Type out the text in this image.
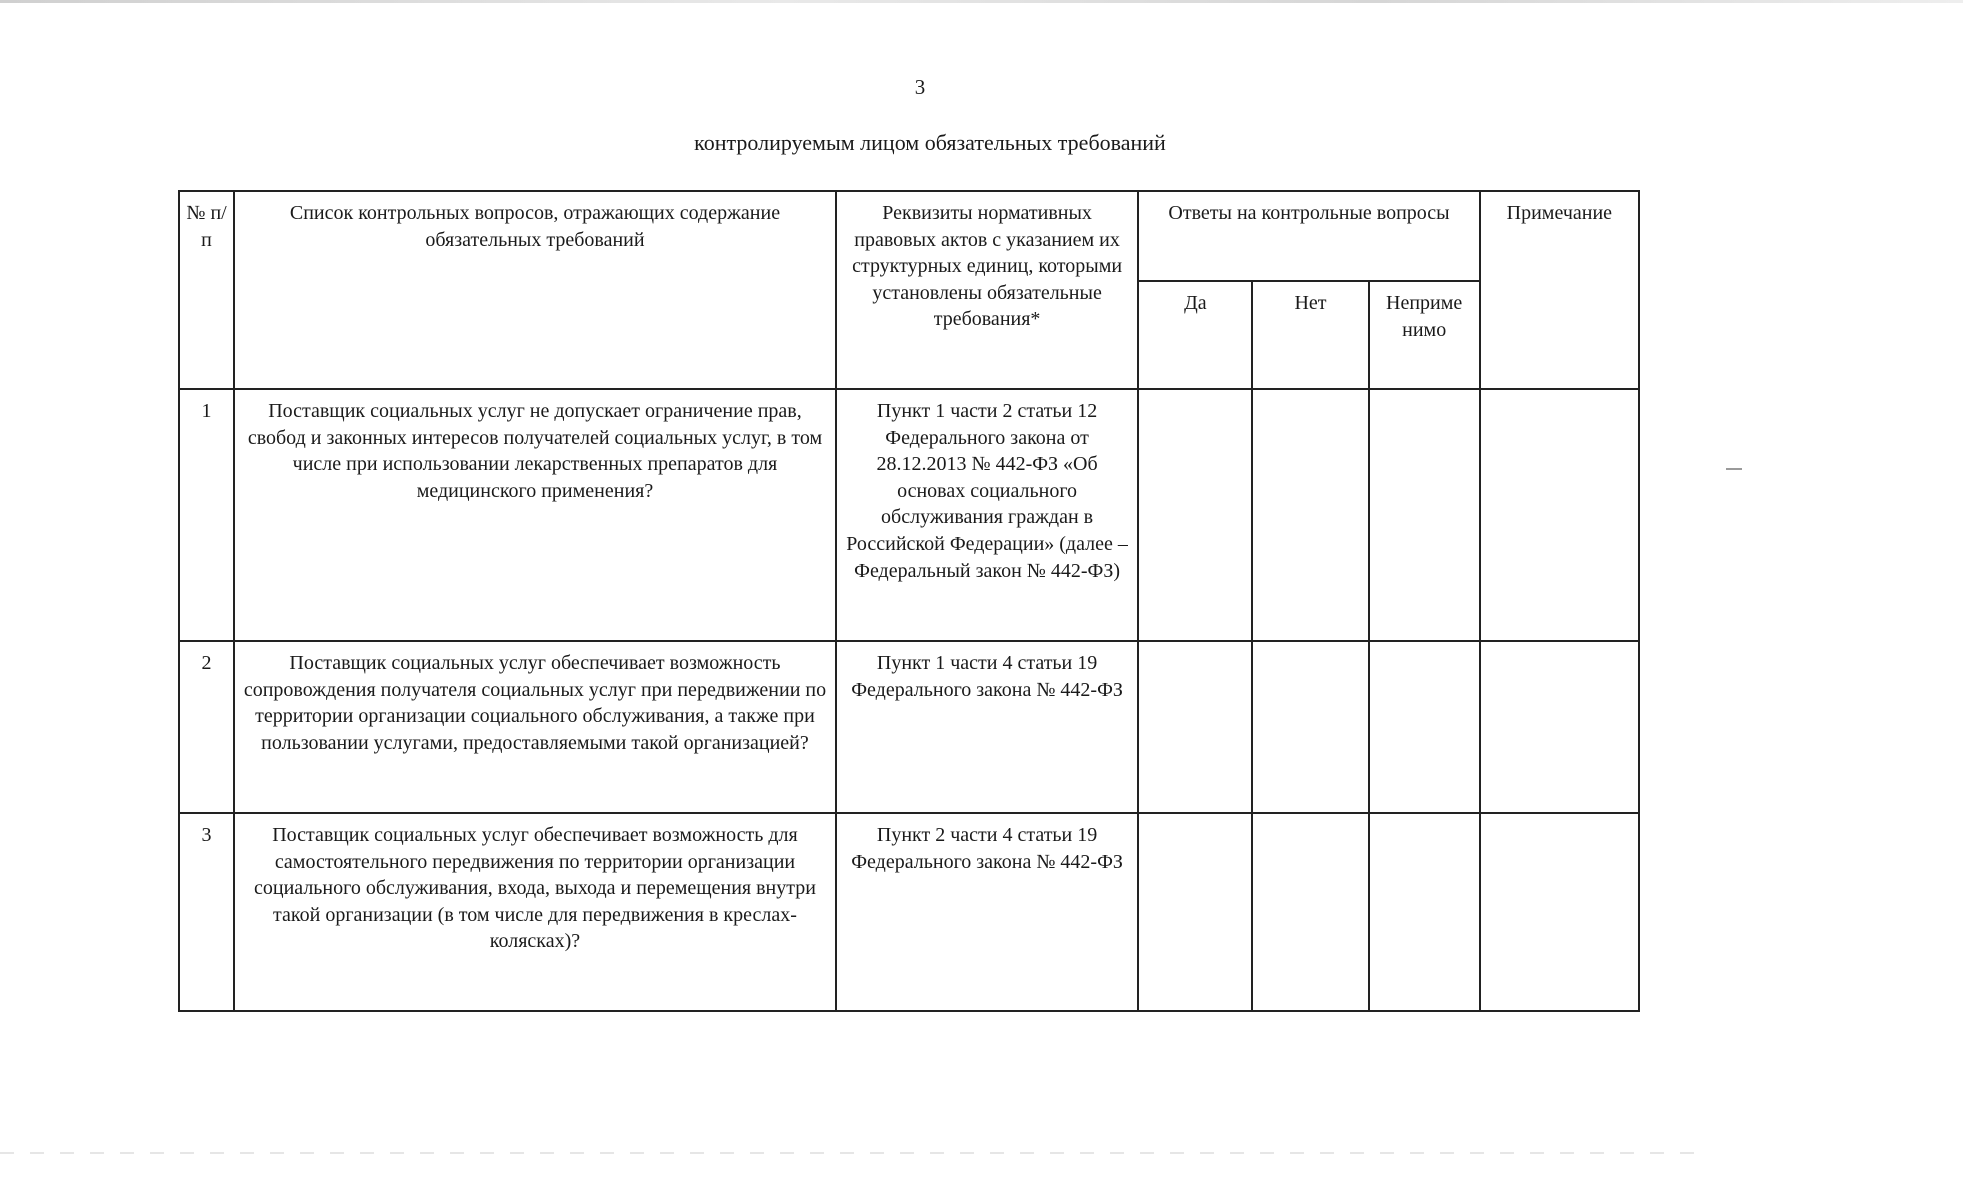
3
контролируемым лицом обязательных требований
№ п/п	Список контрольных вопросов, отражающих содержание обязательных требований	Реквизиты нормативных правовых актов с указанием их структурных единиц, которыми установлены обязательные требования*	Ответы на контрольные вопросы			Примечание
			Да	Нет	Неприме нимо	
1	Поставщик социальных услуг не допускает ограничение прав, свобод и законных интересов получателей социальных услуг, в том числе при использовании лекарственных препаратов для медицинского применения?	Пункт 1 части 2 статьи 12 Федерального закона от 28.12.2013 № 442-ФЗ «Об основах социального обслуживания граждан в Российской Федерации» (далее – Федеральный закон № 442-ФЗ)				
2	Поставщик социальных услуг обеспечивает возможность сопровождения получателя социальных услуг при передвижении по территории организации социального обслуживания, а также при пользовании услугами, предоставляемыми такой организацией?	Пункт 1 части 4 статьи 19 Федерального закона № 442-ФЗ				
3	Поставщик социальных услуг обеспечивает возможность для самостоятельного передвижения по территории организации социального обслуживания, входа, выхода и перемещения внутри такой организации (в том числе для передвижения в креслах-колясках)?	Пункт 2 части 4 статьи 19 Федерального закона № 442-ФЗ				
